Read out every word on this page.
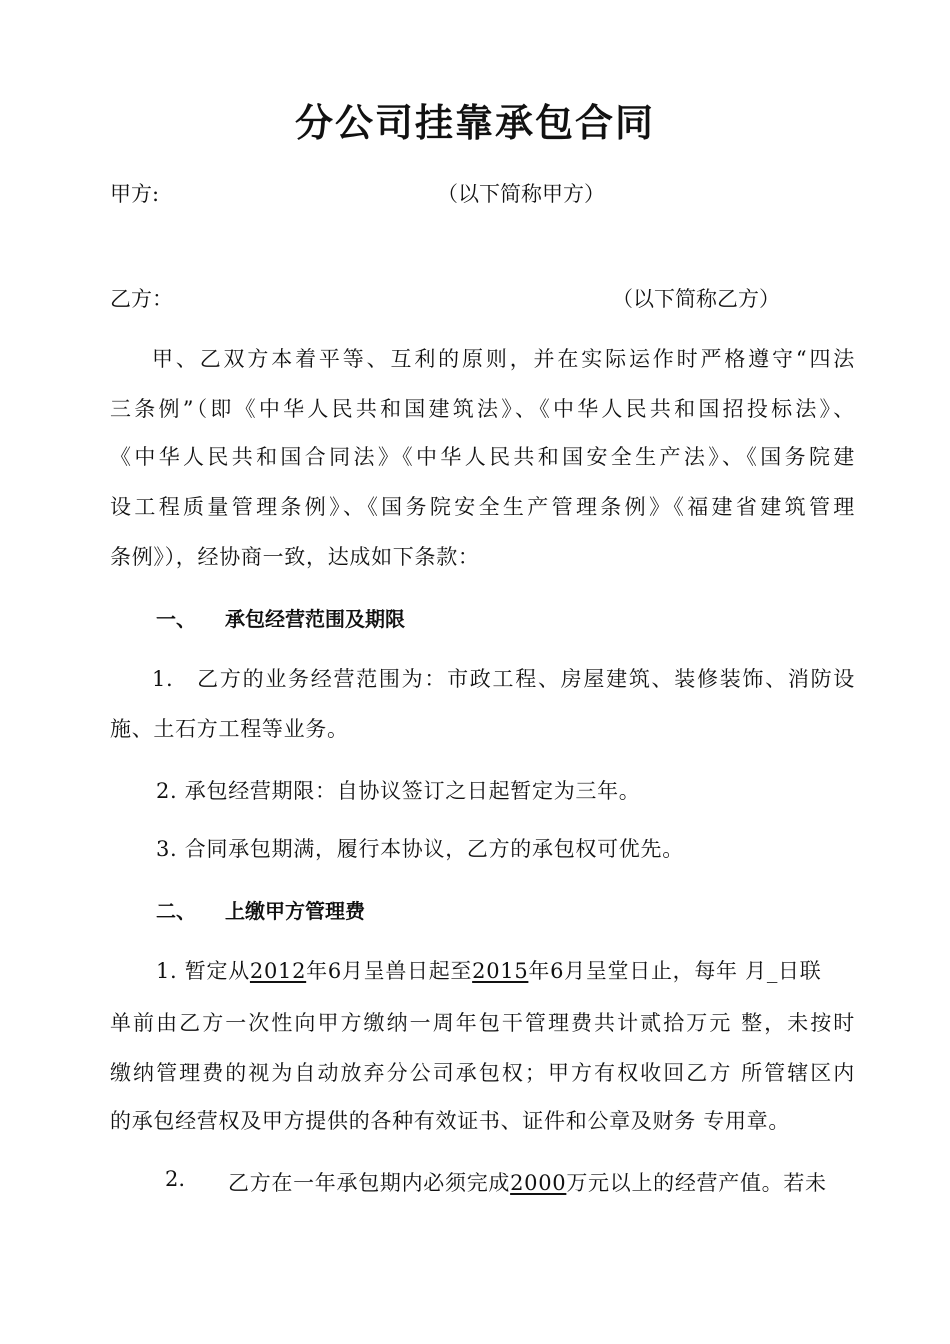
分公司挂靠承包合同
甲方:	（以下简称甲方）
乙方：	（以下简称乙方）
甲、乙双方本着平等、互利的原则，并在实际运作时严格遵守“四法
三条例”（即《中华人民共和国建筑法》、《中华人民共和国招投标法》、
《中华人民共和国合同法》《中华人民共和国安全生产法》、《国务院建
设工程质量管理条例》、《国务院安全生产管理条例》《福建省建筑管理
条例》），经协商一致，达成如下条款：
一、 承包经营范围及期限
1.　乙方的业务经营范围为：市政工程、房屋建筑、装修装饰、消防设
施、土石方工程等业务。
2. 承包经营期限：自协议签订之日起暂定为三年。
3. 合同承包期满，履行本协议，乙方的承包权可优先。
二、 上缴甲方管理费
1. 暂定从2012年6月呈兽日起至2015年6月呈堂日止，每年 月_日联
单前由乙方一次性向甲方缴纳一周年包干管理费共计贰拾万元 整，未按时
缴纳管理费的视为自动放弃分公司承包权；甲方有权收回乙方 所管辖区内
的承包经营权及甲方提供的各种有效证书、证件和公章及财务 专用章。
2. 乙方在一年承包期内必须完成2000万元以上的经营产值。若未
